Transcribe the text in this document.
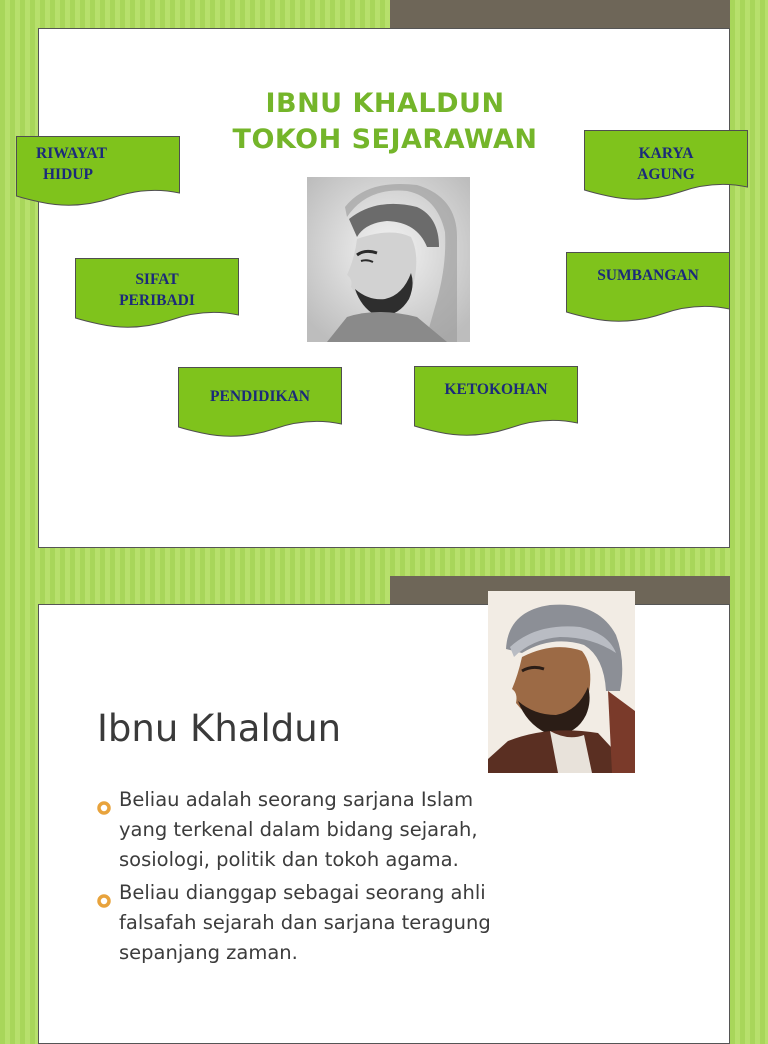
IBNU KHALDUN
TOKOH SEJARAWAN
RIWAYAT
HIDUP
KARYA
AGUNG
SIFAT
PERIBADI
SUMBANGAN
PENDIDIKAN	KETOKOHAN
Ibnu Khaldun
Beliau adalah seorang sarjana Islam
yang terkenal dalam bidang sejarah,
sosiologi, politik dan tokoh agama.
Beliau dianggap sebagai seorang ahli
falsafah sejarah dan sarjana teragung
sepanjang zaman.
